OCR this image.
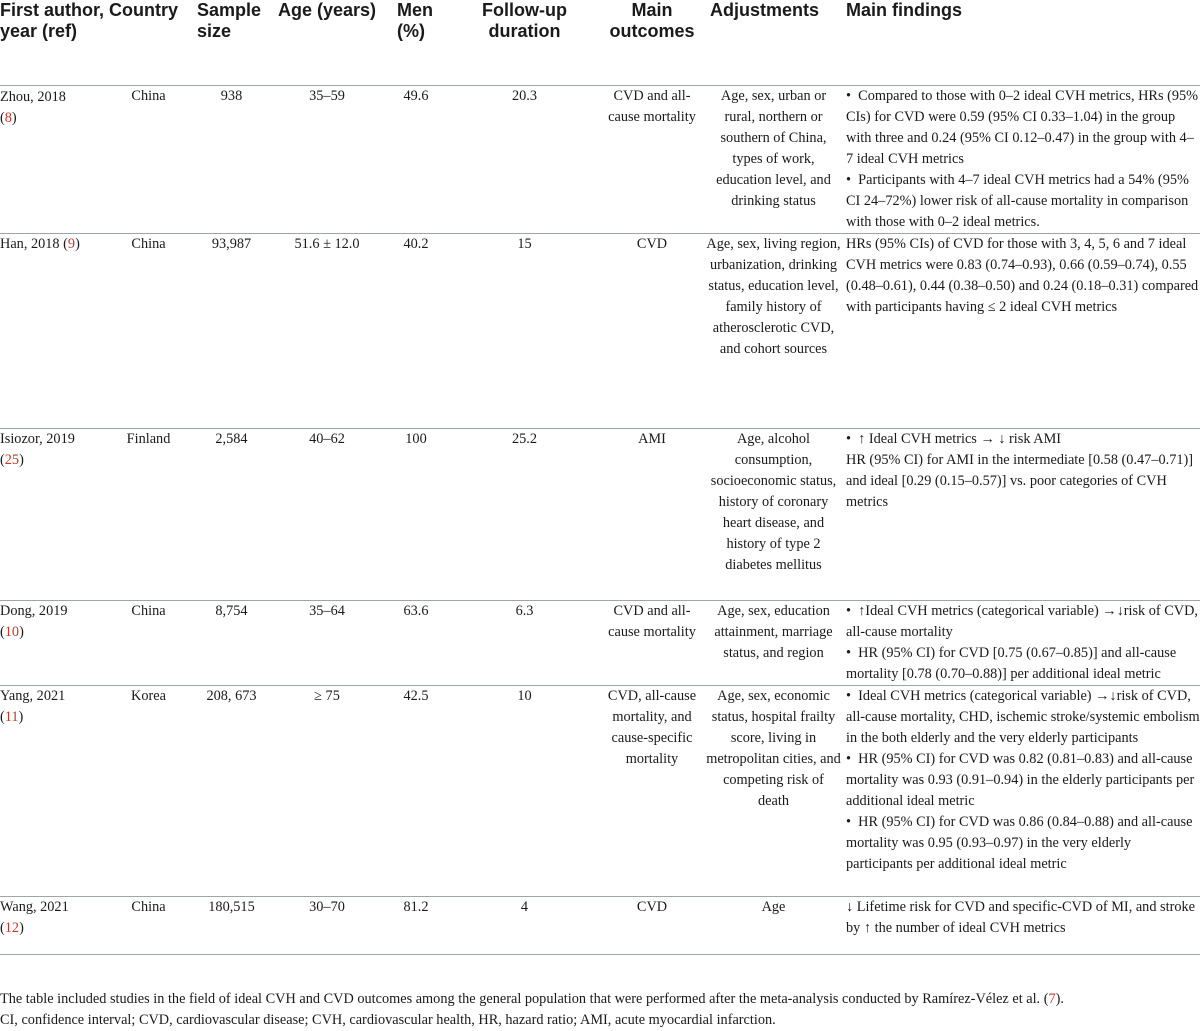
First author, year (ref)	Country	Sample size	Age (years)	Men (%)	Follow-up duration	Main outcomes	Adjustments	Main findings

Zhou, 2018
(8)	China	938	35–59	49.6	20.3	CVD and all-cause mortality	Age, sex, urban or rural, northern or southern of China, types of work, education level, and drinking status	•  Compared to those with 0–2 ideal CVH metrics, HRs (95% CIs) for CVD were 0.59 (95% CI 0.33–1.04) in the group with three and 0.24 (95% CI 0.12–0.47) in the group with 4–7 ideal CVH metrics
•  Participants with 4–7 ideal CVH metrics had a 54% (95% CI 24–72%) lower risk of all-cause mortality in comparison with those with 0–2 ideal metrics.

Han, 2018 (9)	China	93,987	51.6 ± 12.0	40.2	15	CVD	Age, sex, living region, urbanization, drinking status, education level, family history of atherosclerotic CVD, and cohort sources	HRs (95% CIs) of CVD for those with 3, 4, 5, 6 and 7 ideal CVH metrics were 0.83 (0.74–0.93), 0.66 (0.59–0.74), 0.55 (0.48–0.61), 0.44 (0.38–0.50) and 0.24 (0.18–0.31) compared with participants having ≤ 2 ideal CVH metrics

Isiozor, 2019
(25)	Finland	2,584	40–62	100	25.2	AMI	Age, alcohol consumption, socioeconomic status, history of coronary heart disease, and history of type 2 diabetes mellitus	•  ↑ Ideal CVH metrics → ↓ risk AMI
HR (95% CI) for AMI in the intermediate [0.58 (0.47–0.71)] and ideal [0.29 (0.15–0.57)] vs. poor categories of CVH metrics

Dong, 2019
(10)	China	8,754	35–64	63.6	6.3	CVD and all-cause mortality	Age, sex, education attainment, marriage status, and region	•  ↑Ideal CVH metrics (categorical variable) →↓risk of CVD, all-cause mortality
•  HR (95% CI) for CVD [0.75 (0.67–0.85)] and all-cause mortality [0.78 (0.70–0.88)] per additional ideal metric

Yang, 2021
(11)	Korea	208, 673	≥ 75	42.5	10	CVD, all-cause mortality, and cause-specific mortality	Age, sex, economic status, hospital frailty score, living in metropolitan cities, and competing risk of death	•  Ideal CVH metrics (categorical variable) →↓risk of CVD, all-cause mortality, CHD, ischemic stroke/systemic embolism in the both elderly and the very elderly participants
•  HR (95% CI) for CVD was 0.82 (0.81–0.83) and all-cause mortality was 0.93 (0.91–0.94) in the elderly participants per additional ideal metric
•  HR (95% CI) for CVD was 0.86 (0.84–0.88) and all-cause mortality was 0.95 (0.93–0.97) in the very elderly participants per additional ideal metric

Wang, 2021
(12)	China	180,515	30–70	81.2	4	CVD	Age	↓ Lifetime risk for CVD and specific-CVD of MI, and stroke by ↑ the number of ideal CVH metrics

The table included studies in the field of ideal CVH and CVD outcomes among the general population that were performed after the meta-analysis conducted by Ramírez-Vélez et al. (7).

CI, confidence interval; CVD, cardiovascular disease; CVH, cardiovascular health, HR, hazard ratio; AMI, acute myocardial infarction.
